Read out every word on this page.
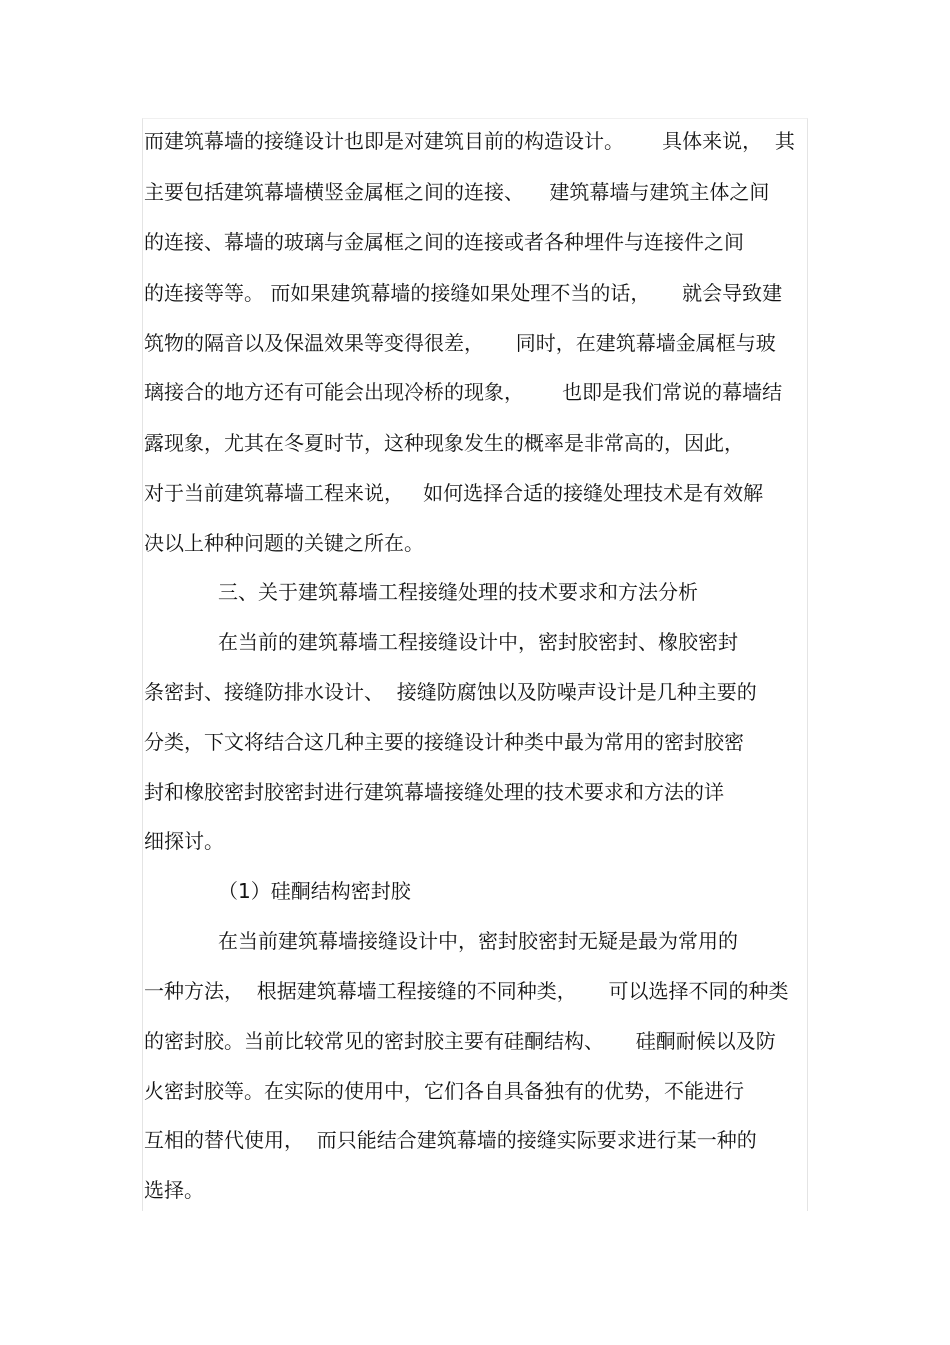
而建筑幕墙的接缝设计也即是对建筑目前的构造设计。      具体来说，  其
主要包括建筑幕墙横竖金属框之间的连接、    建筑幕墙与建筑主体之间
的连接、幕墙的玻璃与金属框之间的连接或者各种埋件与连接件之间
的连接等等。 而如果建筑幕墙的接缝如果处理不当的话，     就会导致建
筑物的隔音以及保温效果等变得很差，     同时，在建筑幕墙金属框与玻
璃接合的地方还有可能会出现冷桥的现象，      也即是我们常说的幕墙结
露现象，尤其在冬夏时节，这种现象发生的概率是非常高的，因此，
对于当前建筑幕墙工程来说，   如何选择合适的接缝处理技术是有效解
决以上种种问题的关键之所在。
三、关于建筑幕墙工程接缝处理的技术要求和方法分析
在当前的建筑幕墙工程接缝设计中，密封胶密封、橡胶密封
条密封、接缝防排水设计、  接缝防腐蚀以及防噪声设计是几种主要的
分类，下文将结合这几种主要的接缝设计种类中最为常用的密封胶密
封和橡胶密封胶密封进行建筑幕墙接缝处理的技术要求和方法的详
细探讨。
（1）硅酮结构密封胶
在当前建筑幕墙接缝设计中，密封胶密封无疑是最为常用的
一种方法，  根据建筑幕墙工程接缝的不同种类，     可以选择不同的种类
的密封胶。当前比较常见的密封胶主要有硅酮结构、     硅酮耐候以及防
火密封胶等。在实际的使用中，它们各自具备独有的优势，不能进行
互相的替代使用，  而只能结合建筑幕墙的接缝实际要求进行某一种的
选择。
